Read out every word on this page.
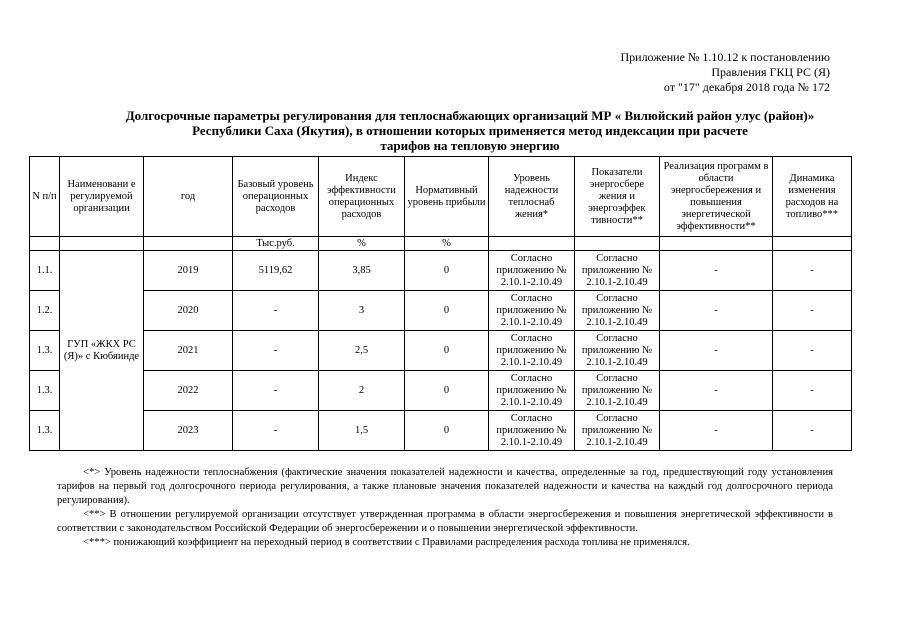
Приложение № 1.10.12 к постановлению
Правления ГКЦ РС (Я)
от "17" декабря 2018 года № 172
Долгосрочные параметры регулирования для теплоснабжающих организаций МР « Вилюйский район улус (район)»
Республики Саха (Якутия), в отношении которых применяется метод индексации при расчете
тарифов на тепловую энергию
N п/п	Наименовани е регулируемой организации	год	Базовый уровень операционных расходов	Индекс эффективности операционных расходов	Нормативный уровень прибыли	Уровень надежности теплоснаб жения*	Показатели энергосбере жения и энергоэффек тивности**	Реализация программ в области энергосбережения и повышения энергетической эффективности**	Динамика изменения расходов на топливо***
			Тыс.руб.	%	%				
1.1.	ГУП «ЖКХ РС (Я)» с Кюбяинде	2019	5119,62	3,85	0	Согласно приложению № 2.10.1-2.10.49	Согласно приложению № 2.10.1-2.10.49	-	-
1.2.		2020	-	3	0	Согласно приложению № 2.10.1-2.10.49	Согласно приложению № 2.10.1-2.10.49	-	-
1.3.		2021	-	2,5	0	Согласно приложению № 2.10.1-2.10.49	Согласно приложению № 2.10.1-2.10.49	-	-
1.3.		2022	-	2	0	Согласно приложению № 2.10.1-2.10.49	Согласно приложению № 2.10.1-2.10.49	-	-
1.3.		2023	-	1,5	0	Согласно приложению № 2.10.1-2.10.49	Согласно приложению № 2.10.1-2.10.49	-	-

<*> Уровень надежности теплоснабжения (фактические значения показателей надежности и качества, определенные за год, предшествующий году установления тарифов на первый год долгосрочного периода регулирования, а также плановые значения показателей надежности и качества на каждый год долгосрочного периода регулирования).

<**> В отношении регулируемой организации отсутствует утвержденная программа в области энергосбережения и повышения энергетической эффективности в соответствии с законодательством Российской Федерации об энергосбережении и о повышении энергетической эффективности.

<***> понижающий коэффициент на переходный период в соответствии с Правилами распределения расхода топлива не применялся.
